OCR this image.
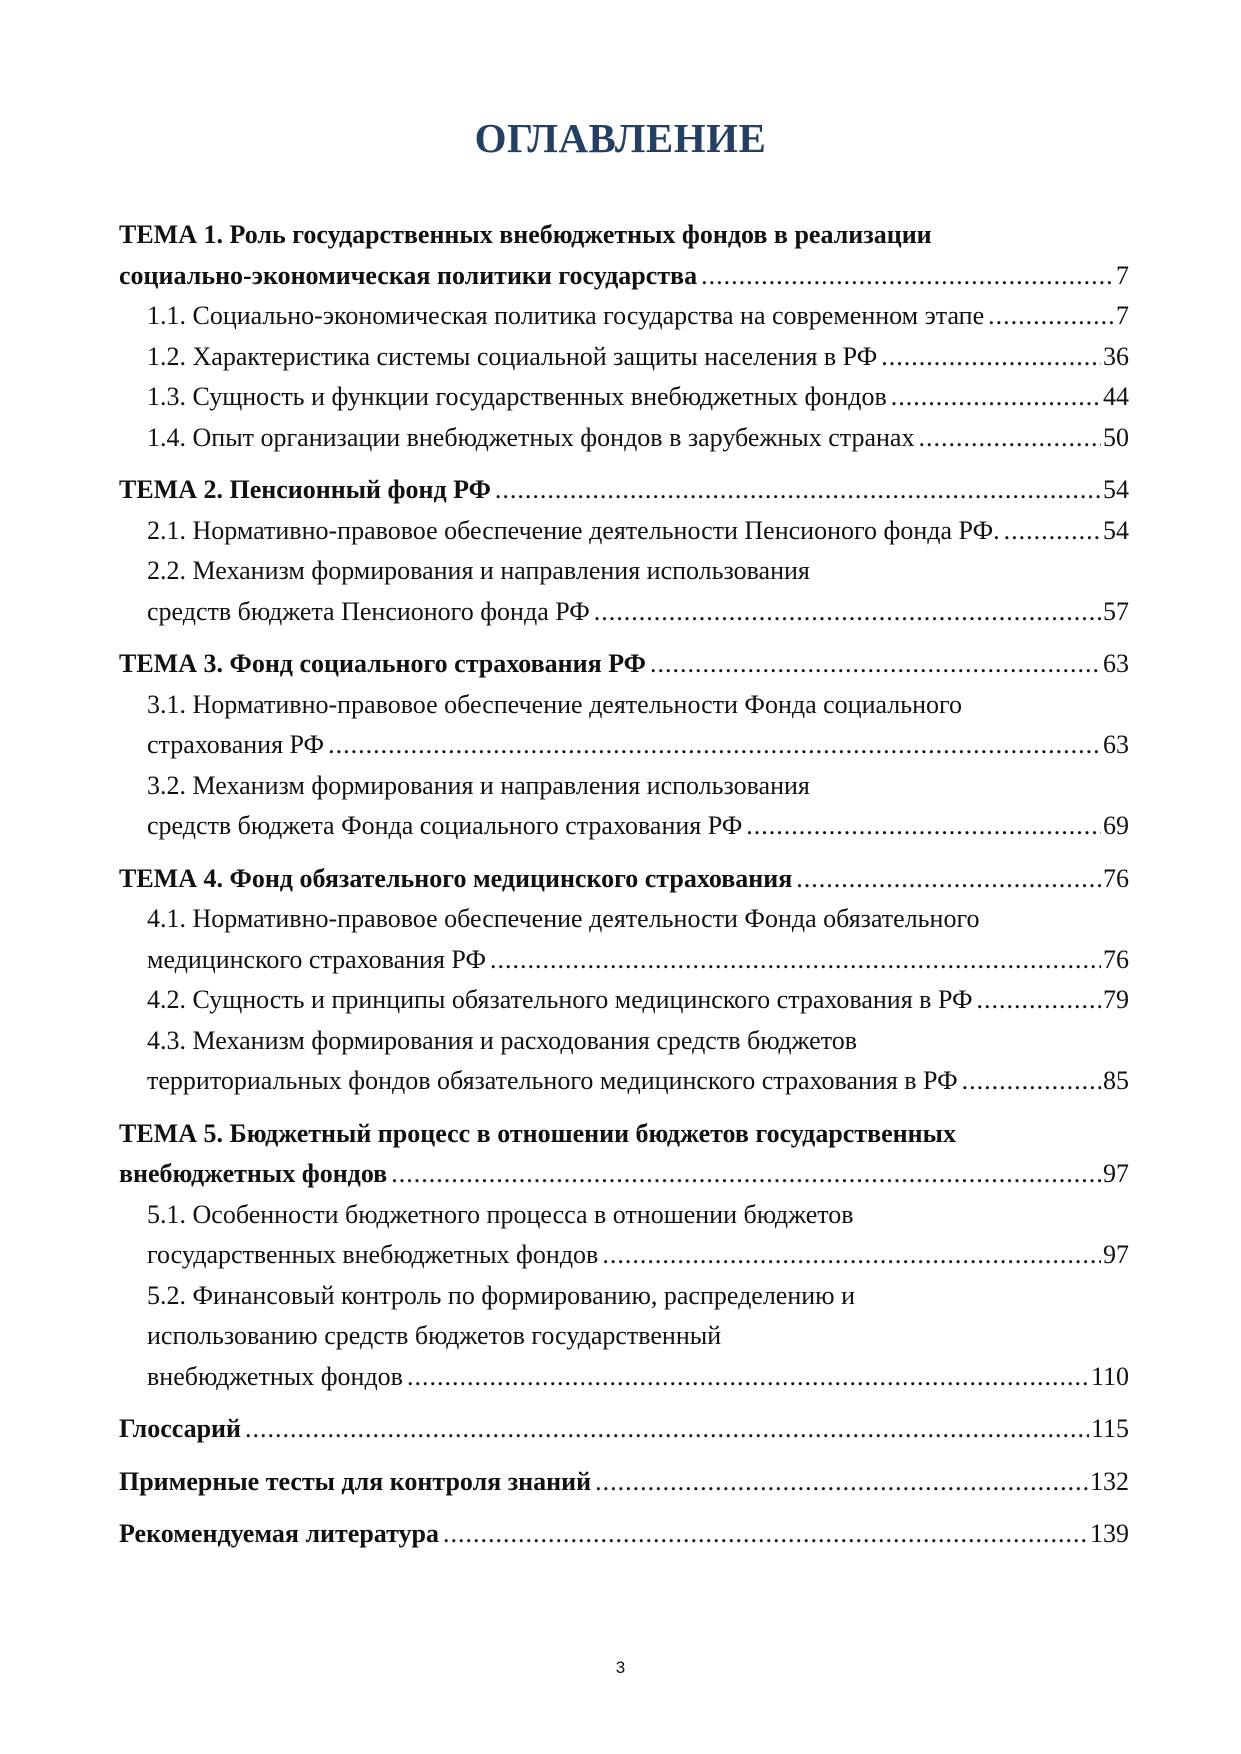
ОГЛАВЛЕНИЕ
ТЕМА 1. Роль государственных внебюджетных фондов в реализации
социально-экономическая политики государства .....	7
1.1. Социально-экономическая политика государства на современном этапе .....	7
1.2. Характеристика системы социальной защиты населения в РФ .....	36
1.3. Сущность и функции государственных внебюджетных фондов .....	44
1.4. Опыт организации внебюджетных фондов в зарубежных странах .....	50
ТЕМА 2. Пенсионный фонд РФ .....	54
2.1. Нормативно-правовое обеспечение деятельности Пенсионого фонда РФ. .....	54
2.2. Механизм формирования и направления использования
средств бюджета Пенсионого фонда РФ .....	57
ТЕМА 3. Фонд социального страхования РФ .....	63
3.1. Нормативно-правовое обеспечение деятельности Фонда социального
страхования РФ .....	63
3.2. Механизм формирования и направления использования
средств бюджета Фонда социального страхования РФ .....	69
ТЕМА 4. Фонд обязательного медицинского страхования .....	76
4.1. Нормативно-правовое обеспечение деятельности Фонда обязательного
медицинского страхования РФ .....	76
4.2. Сущность и принципы обязательного медицинского страхования в РФ .....	79
4.3. Механизм формирования и расходования средств бюджетов
территориальных фондов обязательного медицинского страхования в РФ .....	85
ТЕМА 5. Бюджетный процесс в отношении бюджетов государственных
внебюджетных фондов .....	97
5.1. Особенности бюджетного процесса в отношении бюджетов
государственных внебюджетных фондов .....	97
5.2. Финансовый контроль по формированию, распределению и
использованию средств бюджетов государственный
внебюджетных фондов .....	110
Глоссарий .....	115
Примерные тесты для контроля знаний .....	132
Рекомендуемая литература .....	139
3
